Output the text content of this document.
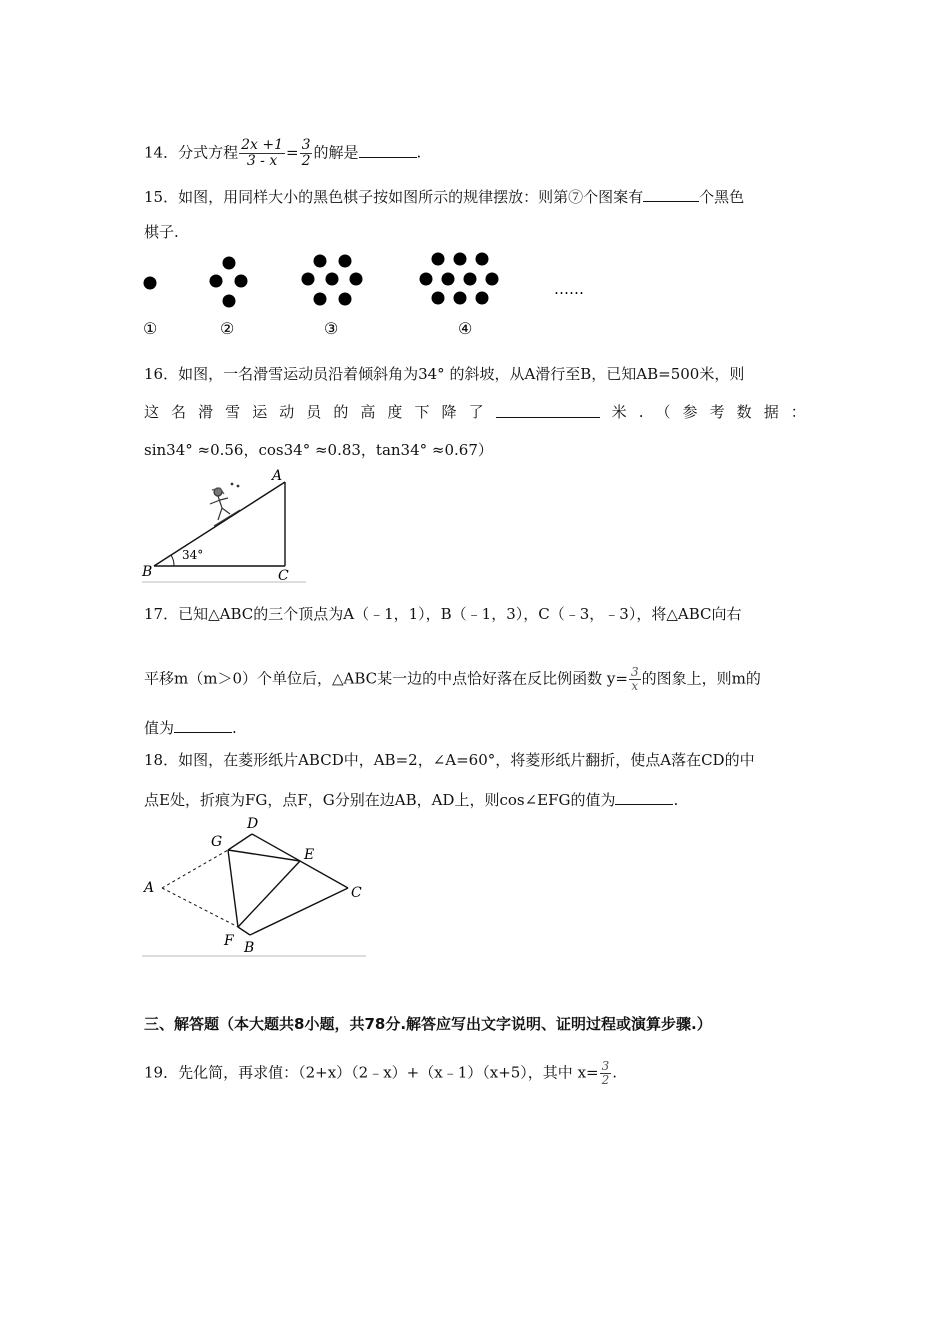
14．分式方程 $\frac{2x +1}{3 - x} = \frac{3}{2}$ 的解是	.
15．如图，用同样大小的黑色棋子按如图所示的规律摆放：则第⑦个图案有	个黑色
棋子.
……
①	②	③	④
16．如图，一名滑雪运动员沿着倾斜角为34° 的斜坡，从A滑行至B，已知AB=500米，则
这 名 滑 雪 运 动 员 的 高 度 下 降 了	米 . （ 参 考 数 据 ：
sin34° ≈0.56，cos34° ≈0.83，tan34° ≈0.67）
A
B	C
34°
17．已知△ABC的三个顶点为A（﹣1，1），B（﹣1，3），C（﹣3，﹣3），将△ABC向右
平移m（m＞0）个单位后，△ABC某一边的中点恰好落在反比例函数 $y= \frac{3}{x}$ 的图象上，则m的
值为	.
18．如图，在菱形纸片ABCD中，AB=2，∠A=60°，将菱形纸片翻折，使点A落在CD的中
点E处，折痕为FG，点F，G分别在边AB，AD上，则cos∠EFG的值为	.
A
B
C
D
E
F
G
三、解答题（本大题共8小题，共78分.解答应写出文字说明、证明过程或演算步骤.）
19．先化简，再求值：（2+x）（2﹣x）+（x﹣1）（x+5），其中 $x= \frac{3}{2}$ .
